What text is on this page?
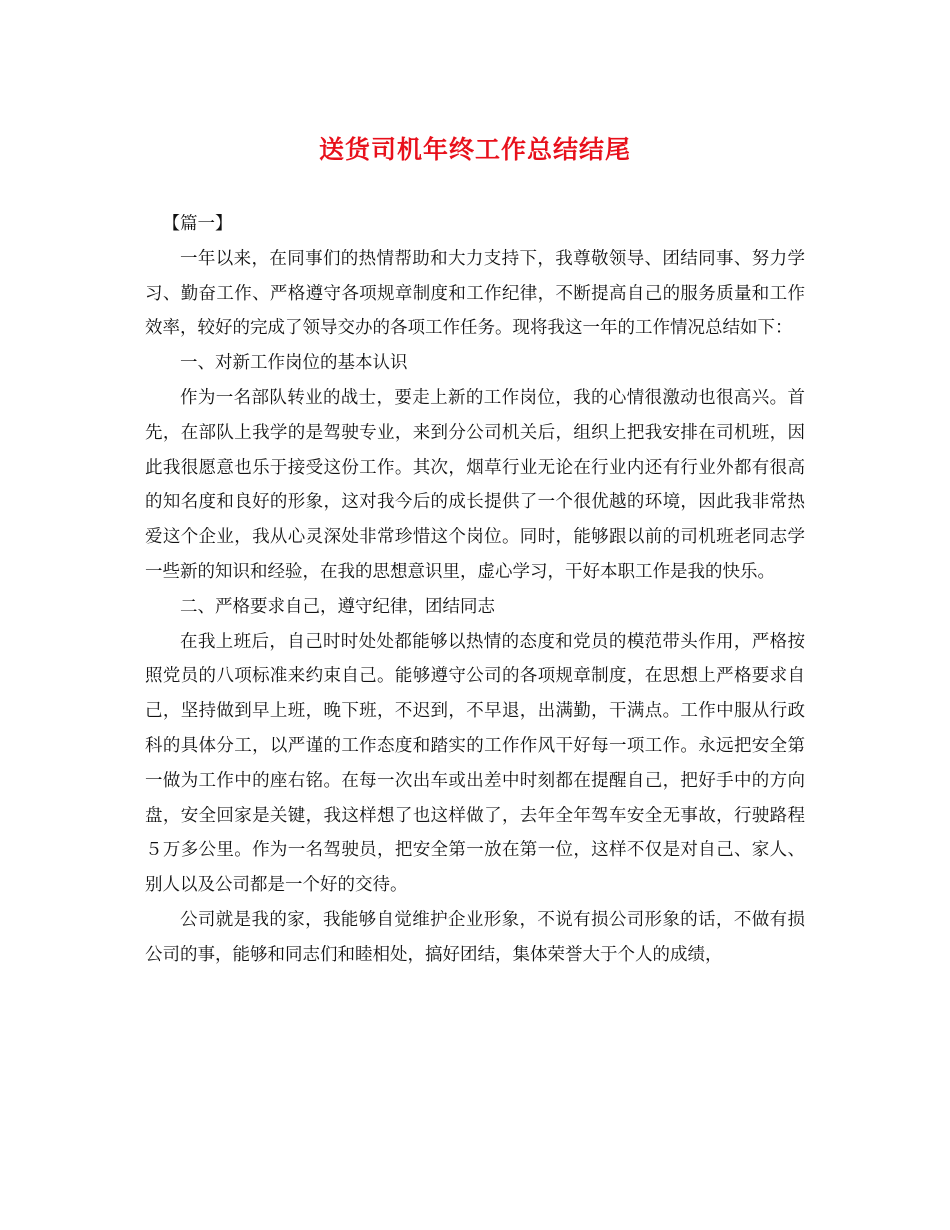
送货司机年终工作总结结尾

【篇一】

一年以来，在同事们的热情帮助和大力支持下，我尊敬领导、团结同事、努力学习、勤奋工作、严格遵守各项规章制度和工作纪律，不断提高自己的服务质量和工作效率，较好的完成了领导交办的各项工作任务。现将我这一年的工作情况总结如下：

一、对新工作岗位的基本认识

作为一名部队转业的战士，要走上新的工作岗位，我的心情很激动也很高兴。首先，在部队上我学的是驾驶专业，来到分公司机关后，组织上把我安排在司机班，因此我很愿意也乐于接受这份工作。其次，烟草行业无论在行业内还有行业外都有很高的知名度和良好的形象，这对我今后的成长提供了一个很优越的环境，因此我非常热爱这个企业，我从心灵深处非常珍惜这个岗位。同时，能够跟以前的司机班老同志学一些新的知识和经验，在我的思想意识里，虚心学习，干好本职工作是我的快乐。

二、严格要求自己，遵守纪律，团结同志

在我上班后，自己时时处处都能够以热情的态度和党员的模范带头作用，严格按照党员的八项标准来约束自己。能够遵守公司的各项规章制度，在思想上严格要求自己，坚持做到早上班，晚下班，不迟到，不早退，出满勤，干满点。工作中服从行政科的具体分工，以严谨的工作态度和踏实的工作作风干好每一项工作。永远把安全第一做为工作中的座右铭。在每一次出车或出差中时刻都在提醒自己，把好手中的方向盘，安全回家是关键，我这样想了也这样做了，去年全年驾车安全无事故，行驶路程５万多公里。作为一名驾驶员，把安全第一放在第一位，这样不仅是对自己、家人、别人以及公司都是一个好的交待。

公司就是我的家，我能够自觉维护企业形象，不说有损公司形象的话，不做有损公司的事，能够和同志们和睦相处，搞好团结，集体荣誉大于个人的成绩，
